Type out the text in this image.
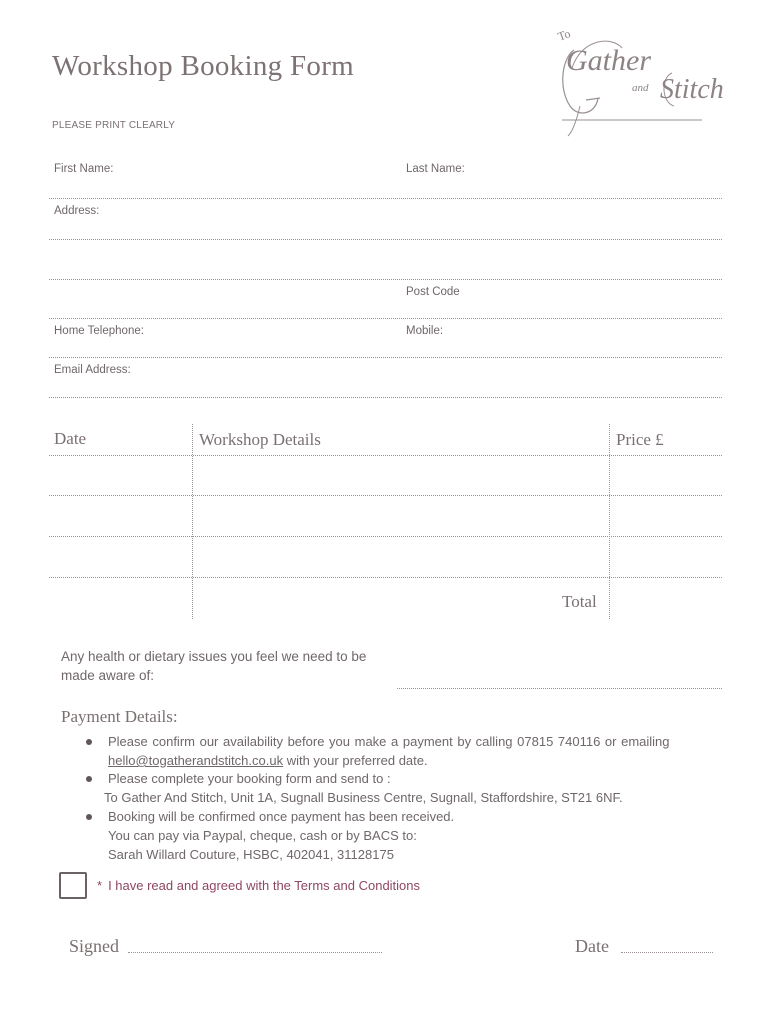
Workshop Booking Form
PLEASE PRINT CLEARLY
To
Gather
and Stitch
First Name:	Last Name:
Address:
Post Code
Home Telephone:	Mobile:
Email Address:
Date	Workshop Details	Price £
Total
Any health or dietary issues you feel we need to be
made aware of:
Payment Details:
Please confirm our availability before you make a payment by calling 07815 740116 or emailing
hello@togatherandstitch.co.uk with your preferred date.
Please complete your booking form and send to :
To Gather And Stitch, Unit 1A, Sugnall Business Centre, Sugnall, Staffordshire, ST21 6NF.
Booking will be confirmed once payment has been received.
You can pay via Paypal, cheque, cash or by BACS to:
Sarah Willard Couture, HSBC, 402041, 31128175
* I have read and agreed with the Terms and Conditions
Signed	Date
